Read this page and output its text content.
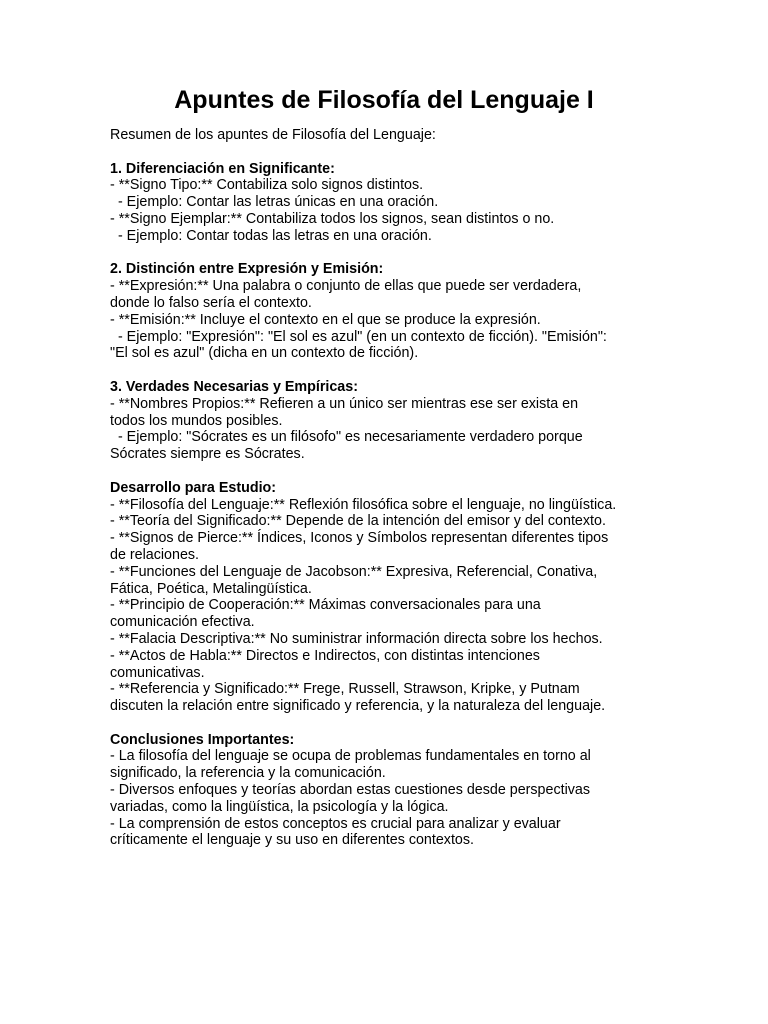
Apuntes de Filosofía del Lenguaje I

Resumen de los apuntes de Filosofía del Lenguaje:

1. Diferenciación en Significante:

- **Signo Tipo:** Contabiliza solo signos distintos.

- Ejemplo: Contar las letras únicas en una oración.

- **Signo Ejemplar:** Contabiliza todos los signos, sean distintos o no.

- Ejemplo: Contar todas las letras en una oración.

2. Distinción entre Expresión y Emisión:

- **Expresión:** Una palabra o conjunto de ellas que puede ser verdadera,

donde lo falso sería el contexto.

- **Emisión:** Incluye el contexto en el que se produce la expresión.

- Ejemplo: "Expresión": "El sol es azul" (en un contexto de ficción). "Emisión":

"El sol es azul" (dicha en un contexto de ficción).

3. Verdades Necesarias y Empíricas:

- **Nombres Propios:** Refieren a un único ser mientras ese ser exista en

todos los mundos posibles.

- Ejemplo: "Sócrates es un filósofo" es necesariamente verdadero porque

Sócrates siempre es Sócrates.

Desarrollo para Estudio:

- **Filosofía del Lenguaje:** Reflexión filosófica sobre el lenguaje, no lingüística.

- **Teoría del Significado:** Depende de la intención del emisor y del contexto.

- **Signos de Pierce:** Índices, Iconos y Símbolos representan diferentes tipos

de relaciones.

- **Funciones del Lenguaje de Jacobson:** Expresiva, Referencial, Conativa,

Fática, Poética, Metalingüística.

- **Principio de Cooperación:** Máximas conversacionales para una

comunicación efectiva.

- **Falacia Descriptiva:** No suministrar información directa sobre los hechos.

- **Actos de Habla:** Directos e Indirectos, con distintas intenciones

comunicativas.

- **Referencia y Significado:** Frege, Russell, Strawson, Kripke, y Putnam

discuten la relación entre significado y referencia, y la naturaleza del lenguaje.

Conclusiones Importantes:

- La filosofía del lenguaje se ocupa de problemas fundamentales en torno al

significado, la referencia y la comunicación.

- Diversos enfoques y teorías abordan estas cuestiones desde perspectivas

variadas, como la lingüística, la psicología y la lógica.

- La comprensión de estos conceptos es crucial para analizar y evaluar

críticamente el lenguaje y su uso en diferentes contextos.
